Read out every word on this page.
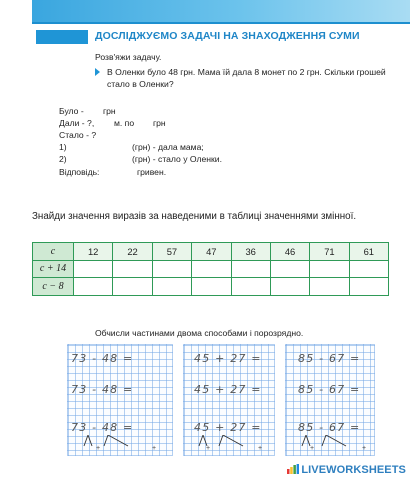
ДОСЛІДЖУЄМО ЗАДАЧІ НА ЗНАХОДЖЕННЯ СУМИ
Розв'яжи задачу.
В Оленки було 48 грн. Мама їй дала 8 монет по 2 грн. Скільки грошей стало в Оленки?
Було - грн
Дали - ?, м. по грн
Стало - ?
1)	(грн) - дала мама;
2)	(грн) - стало у Оленки.
Відповідь:	гривен.
Знайди значення виразів за наведеними в таблиці значеннями змінної.
c	12	22	57	47	36	46	71	61
c + 14								
c − 8								
Обчисли частинами двома способами і порозрядно.
73 - 48 =
73 - 48 =
73 - 48 =
+	+
45 + 27 =
45 + 27 =
45 + 27 =
+	+
85 - 67 =
85 - 67 =
85 - 67 =
+	+
LIVEWORKSHEETS
